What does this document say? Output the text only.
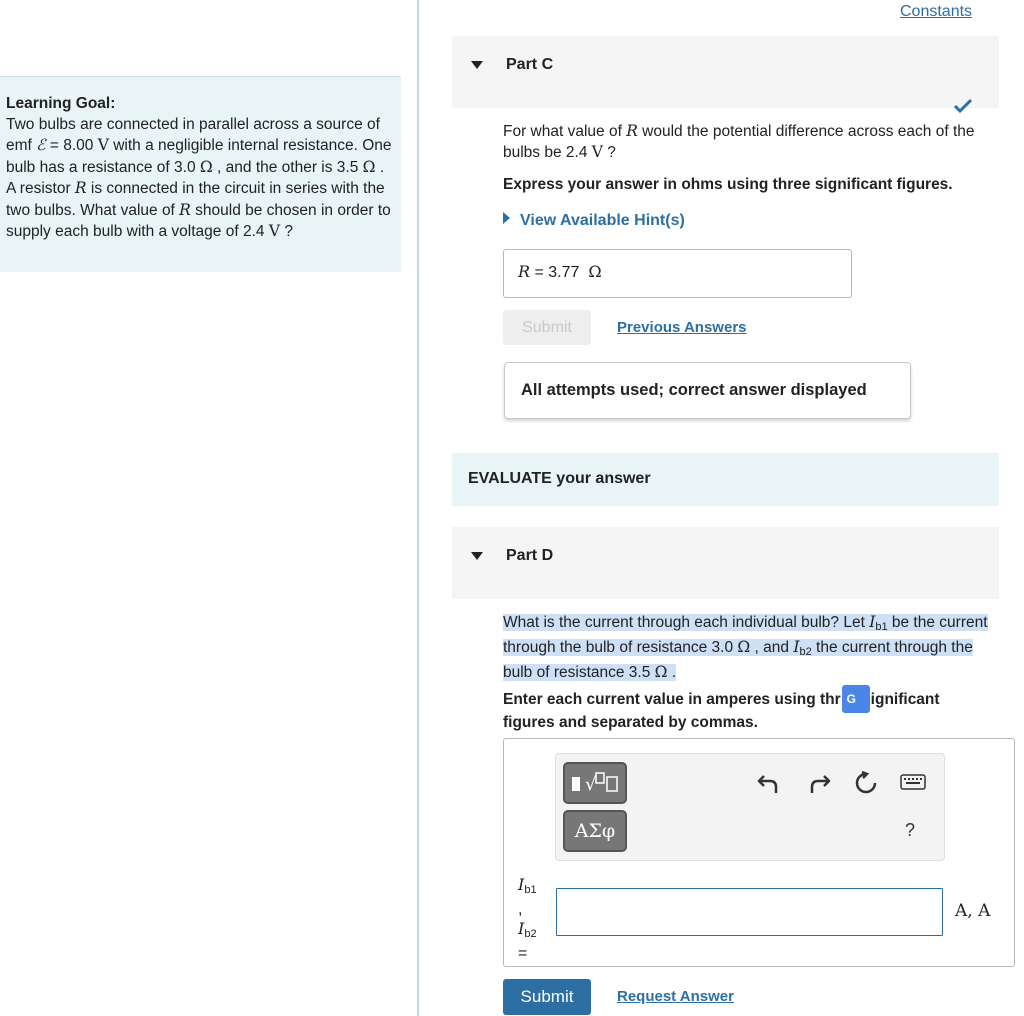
Learning Goal:
Two bulbs are connected in parallel across a source of emf ℰ = 8.00 V with a negligible internal resistance. One bulb has a resistance of 3.0 Ω , and the other is 3.5 Ω . A resistor R is connected in the circuit in series with the two bulbs. What value of R should be chosen in order to supply each bulb with a voltage of 2.4 V ?
Constants
Part C
For what value of R would the potential difference across each of the bulbs be 2.4 V ?
Express your answer in ohms using three significant figures.
View Available Hint(s)
R = 3.77 Ω
Submit	Previous Answers
All attempts used; correct answer displayed
EVALUATE your answer
Part D
What is the current through each individual bulb? Let $I_{b1}$ be the current through the bulb of resistance 3.0 Ω , and $I_{b2}$ the current through the bulb of resistance 3.5 Ω .
Enter each current value in amperes using thr G ignificant figures and separated by commas.
√
ΑΣφ	?
$I_{b1}$
,
$I_{b2}$
=
A, A
Submit	Request Answer
